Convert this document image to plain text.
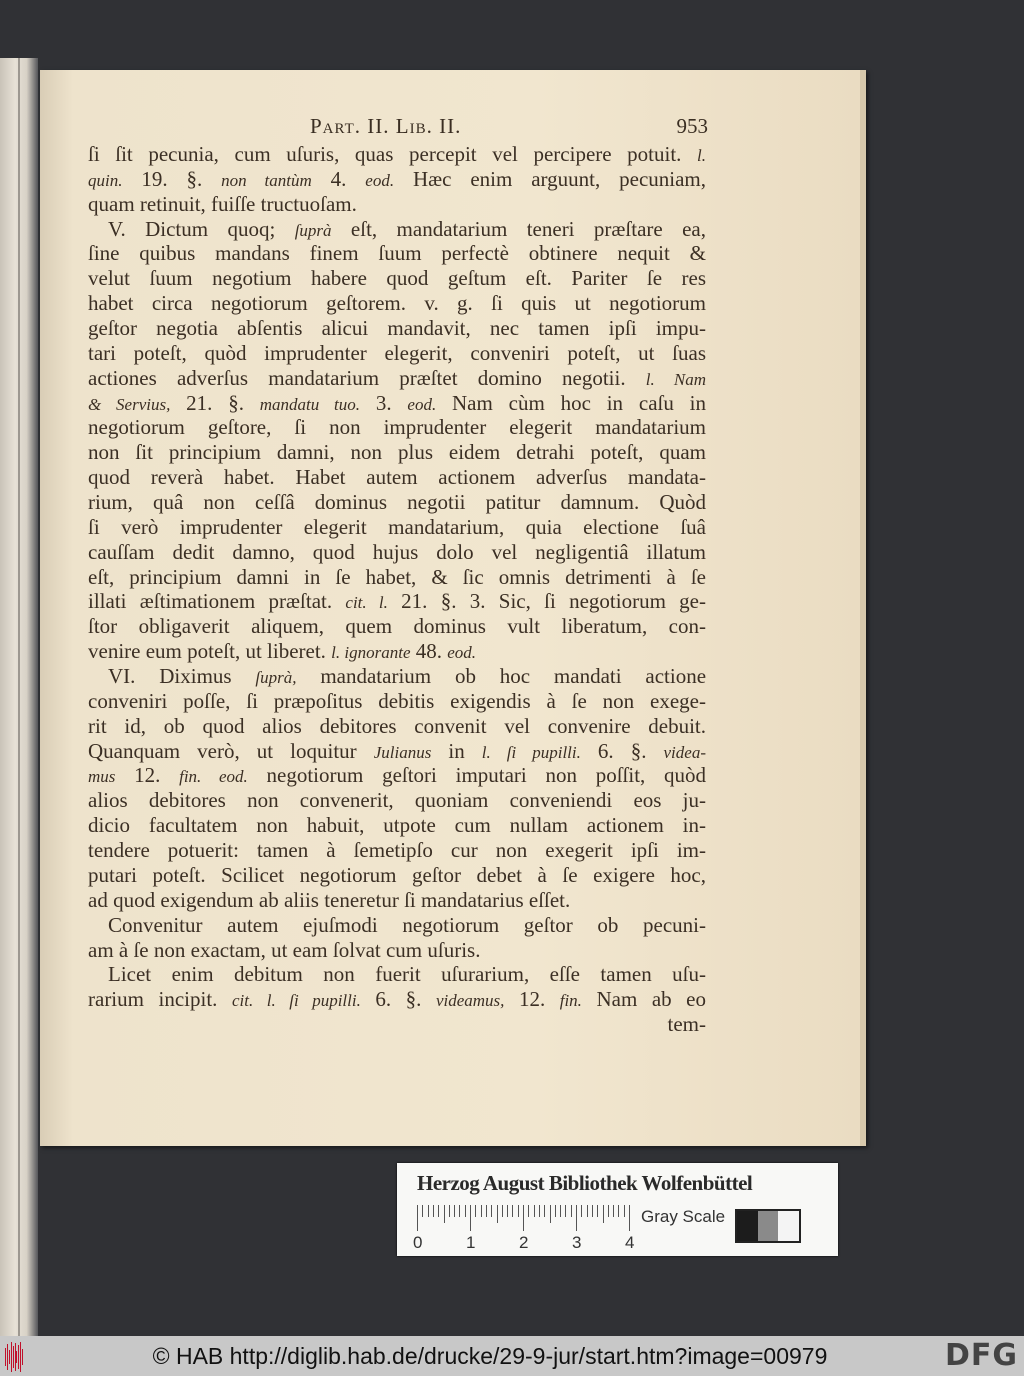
Part. II. Lib. II.	953
ſi ſit pecunia, cum uſuris, quas percepit vel percipere potuit. l.
quin. 19. §. non tantùm 4. eod. Hæc enim arguunt, pecuniam,
quam retinuit, fuiſſe tructuoſam.
V. Dictum quoq; ſuprà eſt, mandatarium teneri præſtare ea,
ſine quibus mandans finem ſuum perfectè obtinere nequit &
velut ſuum negotium habere quod geſtum eſt. Pariter ſe res
habet circa negotiorum geſtorem. v. g. ſi quis ut negotiorum
geſtor negotia abſentis alicui mandavit, nec tamen ipſi impu-
tari poteſt, quòd imprudenter elegerit, conveniri poteſt, ut ſuas
actiones adverſus mandatarium præſtet domino negotii. l. Nam
& Servius, 21. §. mandatu tuo. 3. eod. Nam cùm hoc in caſu in
negotiorum geſtore, ſi non imprudenter elegerit mandatarium
non ſit principium damni, non plus eidem detrahi poteſt, quam
quod reverà habet. Habet autem actionem adverſus mandata-
rium, quâ non ceſſâ dominus negotii patitur damnum. Quòd
ſi verò imprudenter elegerit mandatarium, quia electione ſuâ
cauſſam dedit damno, quod hujus dolo vel negligentiâ illatum
eſt, principium damni in ſe habet, & ſic omnis detrimenti à ſe
illati æſtimationem præſtat. cit. l. 21. §. 3. Sic, ſi negotiorum ge-
ſtor obligaverit aliquem, quem dominus vult liberatum, con-
venire eum poteſt, ut liberet. l. ignorante 48. eod.
VI. Diximus ſuprà, mandatarium ob hoc mandati actione
conveniri poſſe, ſi præpoſitus debitis exigendis à ſe non exege-
rit id, ob quod alios debitores convenit vel convenire debuit.
Quanquam verò, ut loquitur Julianus in l. ſi pupilli. 6. §. videa-
mus 12. fin. eod. negotiorum geſtori imputari non poſſit, quòd
alios debitores non convenerit, quoniam conveniendi eos ju-
dicio facultatem non habuit, utpote cum nullam actionem in-
tendere potuerit: tamen à ſemetipſo cur non exegerit ipſi im-
putari poteſt. Scilicet negotiorum geſtor debet à ſe exigere hoc,
ad quod exigendum ab aliis teneretur ſi mandatarius eſſet.
Convenitur autem ejuſmodi negotiorum geſtor ob pecuni-
am à ſe non exactam, ut eam ſolvat cum uſuris.
Licet enim debitum non fuerit uſurarium, eſſe tamen uſu-
rarium incipit. cit. l. ſi pupilli. 6. §. videamus, 12. fin. Nam ab eo
tem-
Herzog August Bibliothek Wolfenbüttel
0	1	2	3	4
Gray Scale
© HAB http://diglib.hab.de/drucke/29-9-jur/start.htm?image=00979	DFG
